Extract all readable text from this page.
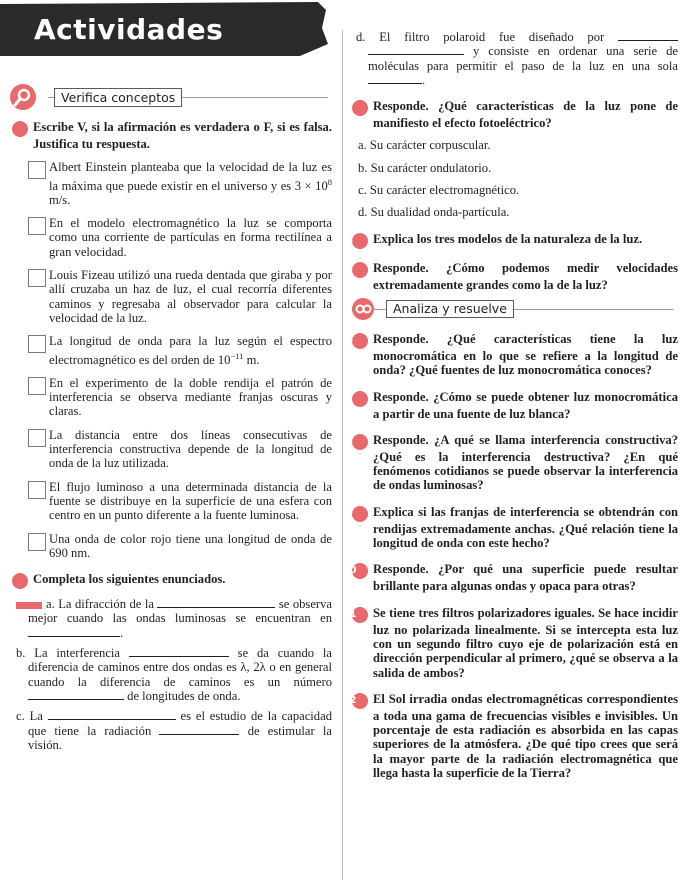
Actividades
Verifica conceptos

1 Escribe V, si la afirmación es verdadera o F, si es falsa. Justifica tu respuesta.

Albert Einstein planteaba que la velocidad de la luz es la máxima que puede existir en el universo y es $3 \times 10^8$ m/s.
En el modelo electromagnético la luz se comporta como una corriente de partículas en forma rectilínea a gran velocidad.
Louis Fizeau utilizó una rueda dentada que giraba y por allí cruzaba un haz de luz, el cual recorría diferentes caminos y regresaba al observador para calcular la velocidad de la luz.
La longitud de onda para la luz según el espectro electromagnético es del orden de $10^{-11}$ m.
En el experimento de la doble rendija el patrón de interferencia se observa mediante franjas oscuras y claras.
La distancia entre dos líneas consecutivas de interferencia constructiva depende de la longitud de onda de la luz utilizada.
El flujo luminoso a una determinada distancia de la fuente se distribuye en la superficie de una esfera con centro en un punto diferente a la fuente luminosa.
Una onda de color rojo tiene una longitud de onda de 690 nm.

2 Completa los siguientes enunciados.

a. La difracción de la	se observa mejor cuando las ondas luminosas se encuentran en .
b. La interferencia	se da cuando la diferencia de caminos entre dos ondas es λ, 2λ o en general cuando la diferencia de caminos es un número  de longitudes de onda.
c. La	es el estudio de la capacidad que tiene la radiación	de estimular la visión.
d. El filtro polaroid fue diseñado por   y consiste en ordenar una serie de moléculas para permitir el paso de la luz en una sola .

3 Responde. ¿Qué características de la luz pone de manifiesto el efecto fotoeléctrico?

a. Su carácter corpuscular.
b. Su carácter ondulatorio.
c. Su carácter electromagnético.
d. Su dualidad onda-partícula.

4 Explica los tres modelos de la naturaleza de la luz.

5 Responde. ¿Cómo podemos medir velocidades extremadamente grandes como la de la luz?

Analiza y resuelve

6 Responde. ¿Qué características tiene la luz monocromática en lo que se refiere a la longitud de onda? ¿Qué fuentes de luz monocromática conoces?

7 Responde. ¿Cómo se puede obtener luz monocromática a partir de una fuente de luz blanca?

8 Responde. ¿A qué se llama interferencia constructiva? ¿Qué es la interferencia destructiva? ¿En qué fenómenos cotidianos se puede observar la interferencia de ondas luminosas?

9 Explica si las franjas de interferencia se obtendrán con rendijas extremadamente anchas. ¿Qué relación tiene la longitud de onda con este hecho?

10 Responde. ¿Por qué una superficie puede resultar brillante para algunas ondas y opaca para otras?

11 Se tiene tres filtros polarizadores iguales. Se hace incidir luz no polarizada linealmente. Si se intercepta esta luz con un segundo filtro cuyo eje de polarización está en dirección perpendicular al primero, ¿qué se observa a la salida de ambos?

12 El Sol irradia ondas electromagnéticas correspondientes a toda una gama de frecuencias visibles e invisibles. Un porcentaje de esta radiación es absorbida en las capas superiores de la atmósfera. ¿De qué tipo crees que será la mayor parte de la radiación electromagnética que llega hasta la superficie de la Tierra?
